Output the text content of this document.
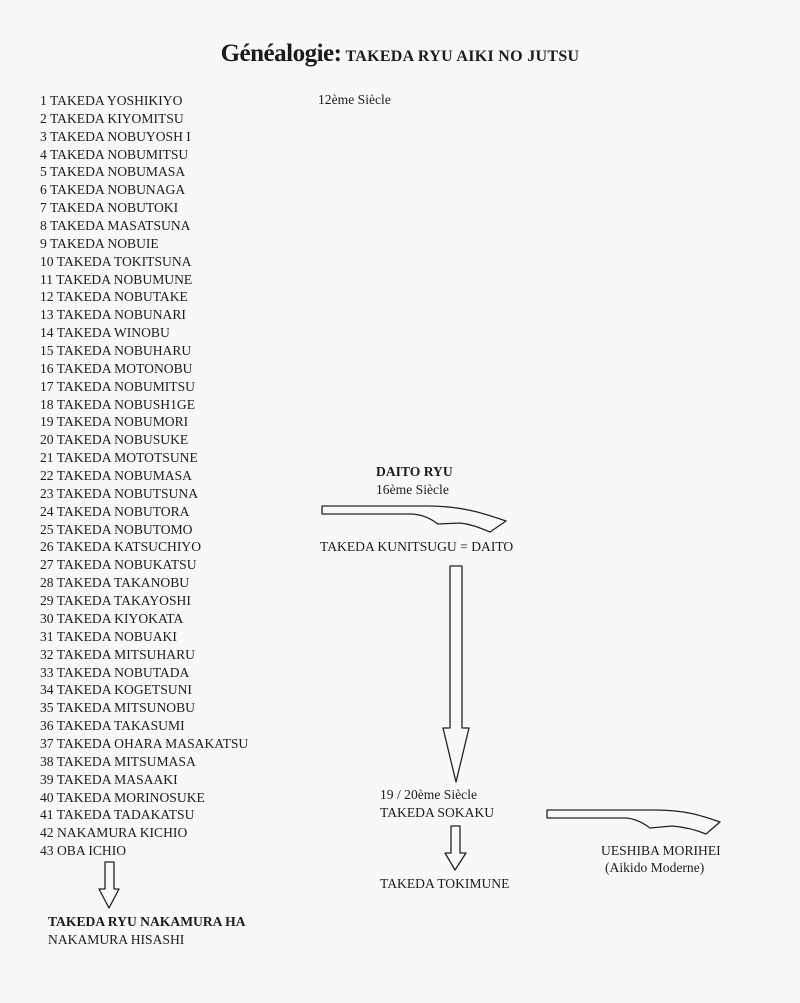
Généalogie: TAKEDA RYU AIKI NO JUTSU
1 TAKEDA YOSHIKIYO
2 TAKEDA KIYOMITSU
3 TAKEDA NOBUYOSH I
4 TAKEDA NOBUMITSU
5 TAKEDA NOBUMASA
6 TAKEDA NOBUNAGA
7 TAKEDA NOBUTOKI
8 TAKEDA MASATSUNA
9 TAKEDA NOBUIE
10 TAKEDA TOKITSUNA
11 TAKEDA NOBUMUNE
12 TAKEDA NOBUTAKE
13 TAKEDA NOBUNARI
14 TAKEDA WINOBU
15 TAKEDA NOBUHARU
16 TAKEDA MOTONOBU
17 TAKEDA NOBUMITSU
18 TAKEDA NOBUSH1GE
19 TAKEDA NOBUMORI
20 TAKEDA NOBUSUKE
21 TAKEDA MOTOTSUNE
22 TAKEDA NOBUMASA
23 TAKEDA NOBUTSUNA
24 TAKEDA NOBUTORA
25 TAKEDA NOBUTOMO
26 TAKEDA KATSUCHIYO
27 TAKEDA NOBUKATSU
28 TAKEDA TAKANOBU
29 TAKEDA TAKAYOSHI
30 TAKEDA KIYOKATA
31 TAKEDA NOBUAKI
32 TAKEDA MITSUHARU
33 TAKEDA NOBUTADA
34 TAKEDA KOGETSUNI
35 TAKEDA MITSUNOBU
36 TAKEDA TAKASUMI
37 TAKEDA OHARA MASAKATSU
38 TAKEDA MITSUMASA
39 TAKEDA MASAAKI
40 TAKEDA MORINOSUKE
41 TAKEDA TADAKATSU
42 NAKAMURA KICHIO
43 OBA ICHIO
12ème Siècle
DAITO RYU
16ème Siècle
TAKEDA KUNITSUGU = DAITO
19 / 20ème Siècle
TAKEDA SOKAKU
TAKEDA TOKIMUNE
UESHIBA MORIHEI
(Aikido Moderne)
TAKEDA RYU NAKAMURA HA
NAKAMURA HISASHI
